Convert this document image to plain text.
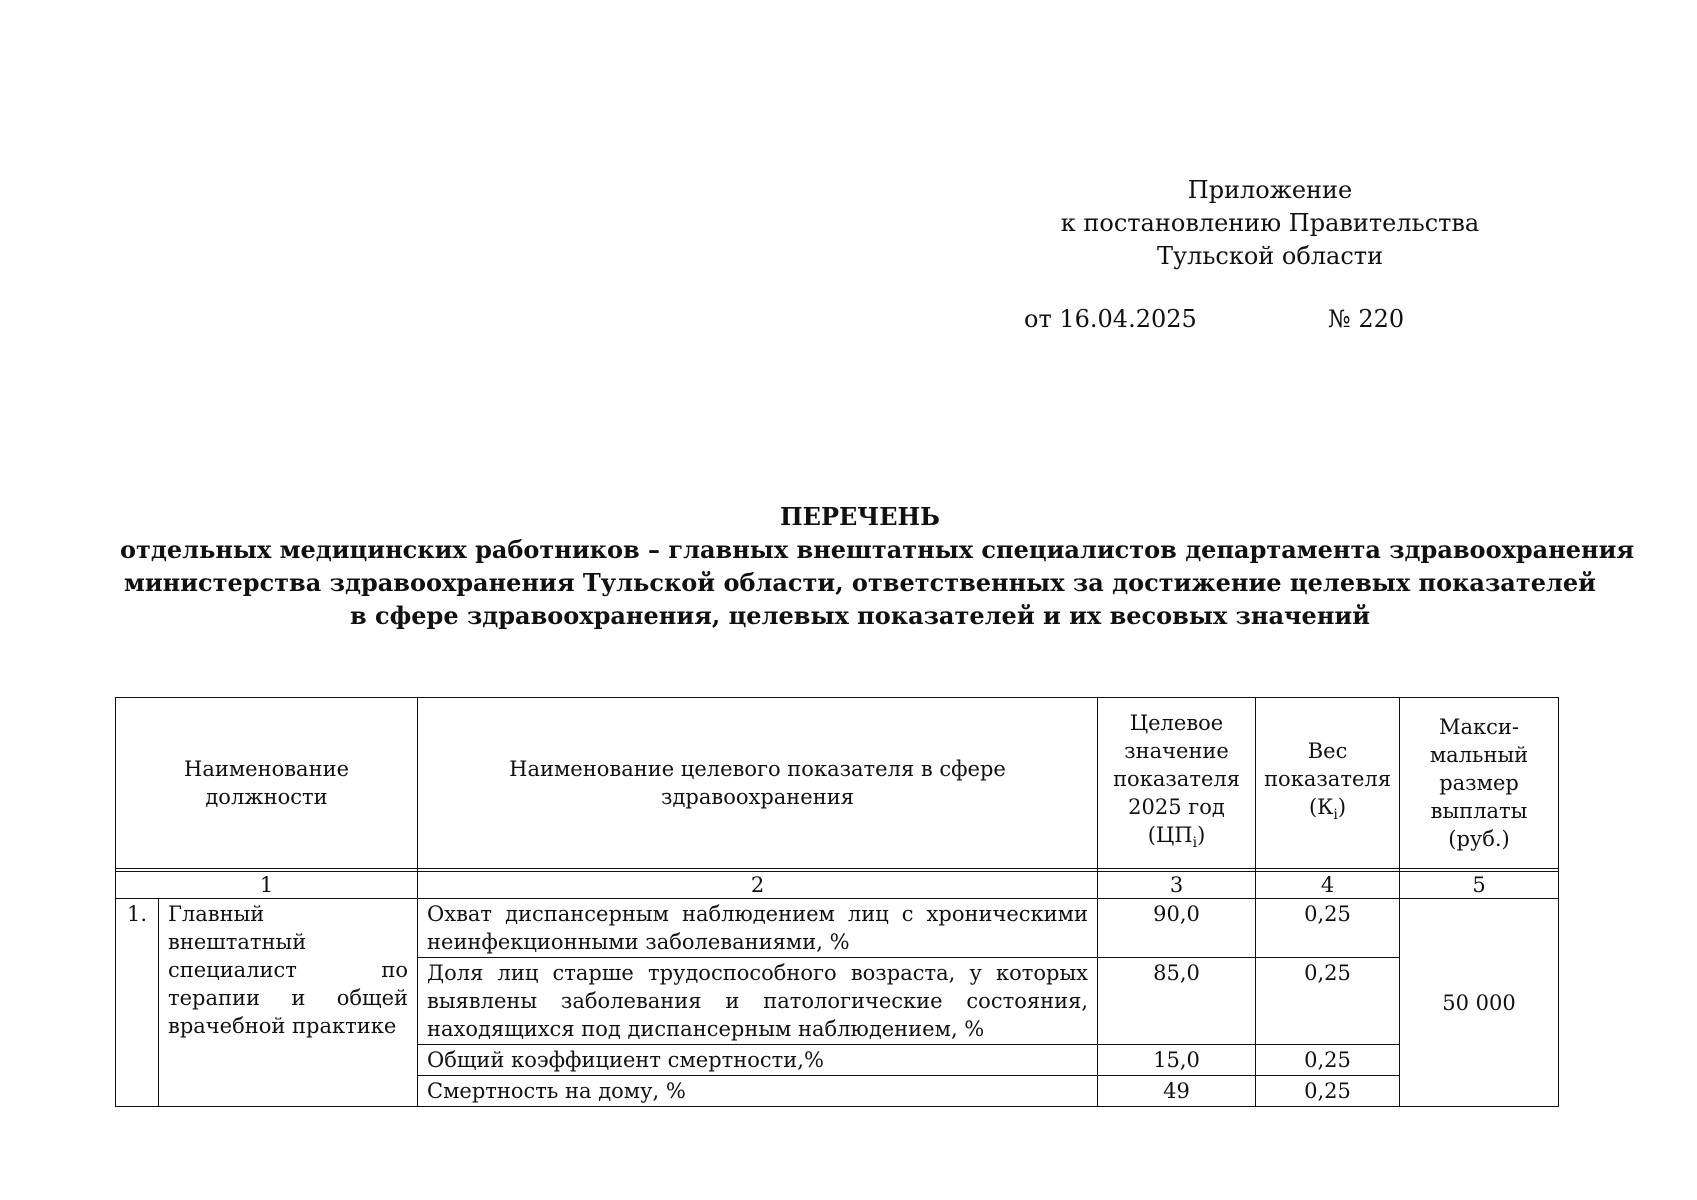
Приложение
к постановлению Правительства
Тульской области
от 16.04.2025	№ 220
ПЕРЕЧЕНЬ
отдельных медицинских работников – главных внештатных специалистов департамента здравоохранения
министерства здравоохранения Тульской области, ответственных за достижение целевых показателей
в сфере здравоохранения, целевых показателей и их весовых значений
Наименование должности		Наименование целевого показателя в сфере здравоохранения	Целевое значение показателя 2025 год $(ЦП_i)$	Вес показателя $(К_i)$	Макси-мальный размер выплаты (руб.)

1		2	3	4	5
1.	Главный внештатный специалист по терапии и общей врачебной практике	Охват диспансерным наблюдением лиц с хроническими неинфекционными заболеваниями, %	90,0	0,25	50 000
		Доля лиц старше трудоспособного возраста, у которых выявлены заболевания и патологические состояния, находящихся под диспансерным наблюдением, %	85,0	0,25	
		Общий коэффициент смертности,%	15,0	0,25	
		Смертность на дому, %	49	0,25	
